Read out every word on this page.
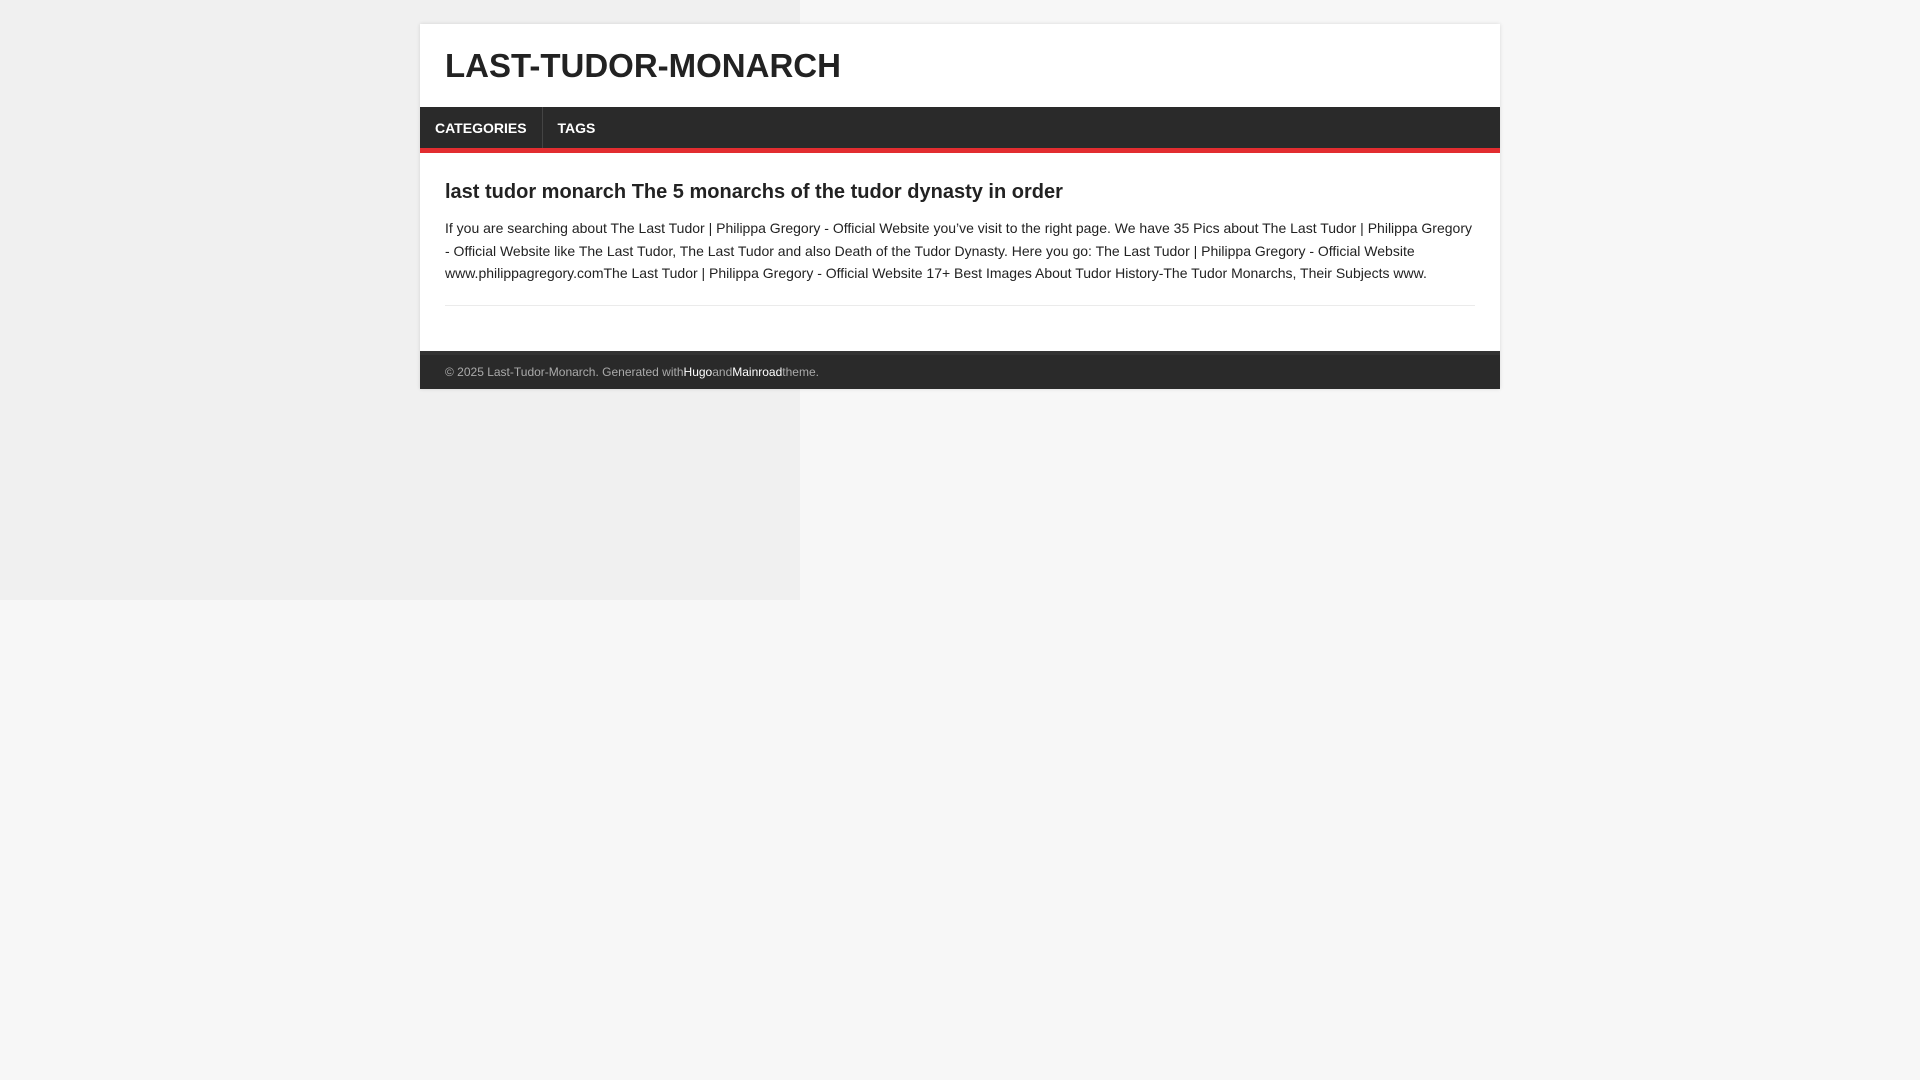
LAST-TUDOR-MONARCH
CATEGORIES	TAGS
last tudor monarch The 5 monarchs of the tudor dynasty in order

If you are searching about The Last Tudor | Philippa Gregory - Official Website you’ve visit to the right page. We have 35 Pics about The Last Tudor | Philippa Gregory - Official Website like The Last Tudor, The Last Tudor and also Death of the Tudor Dynasty. Here you go: The Last Tudor | Philippa Gregory - Official Website www.philippagregory.comThe Last Tudor | Philippa Gregory - Official Website 17+ Best Images About Tudor History-The Tudor Monarchs, Their Subjects www.

© 2025 Last-Tudor-Monarch. Generated with Hugo and Mainroad theme.
